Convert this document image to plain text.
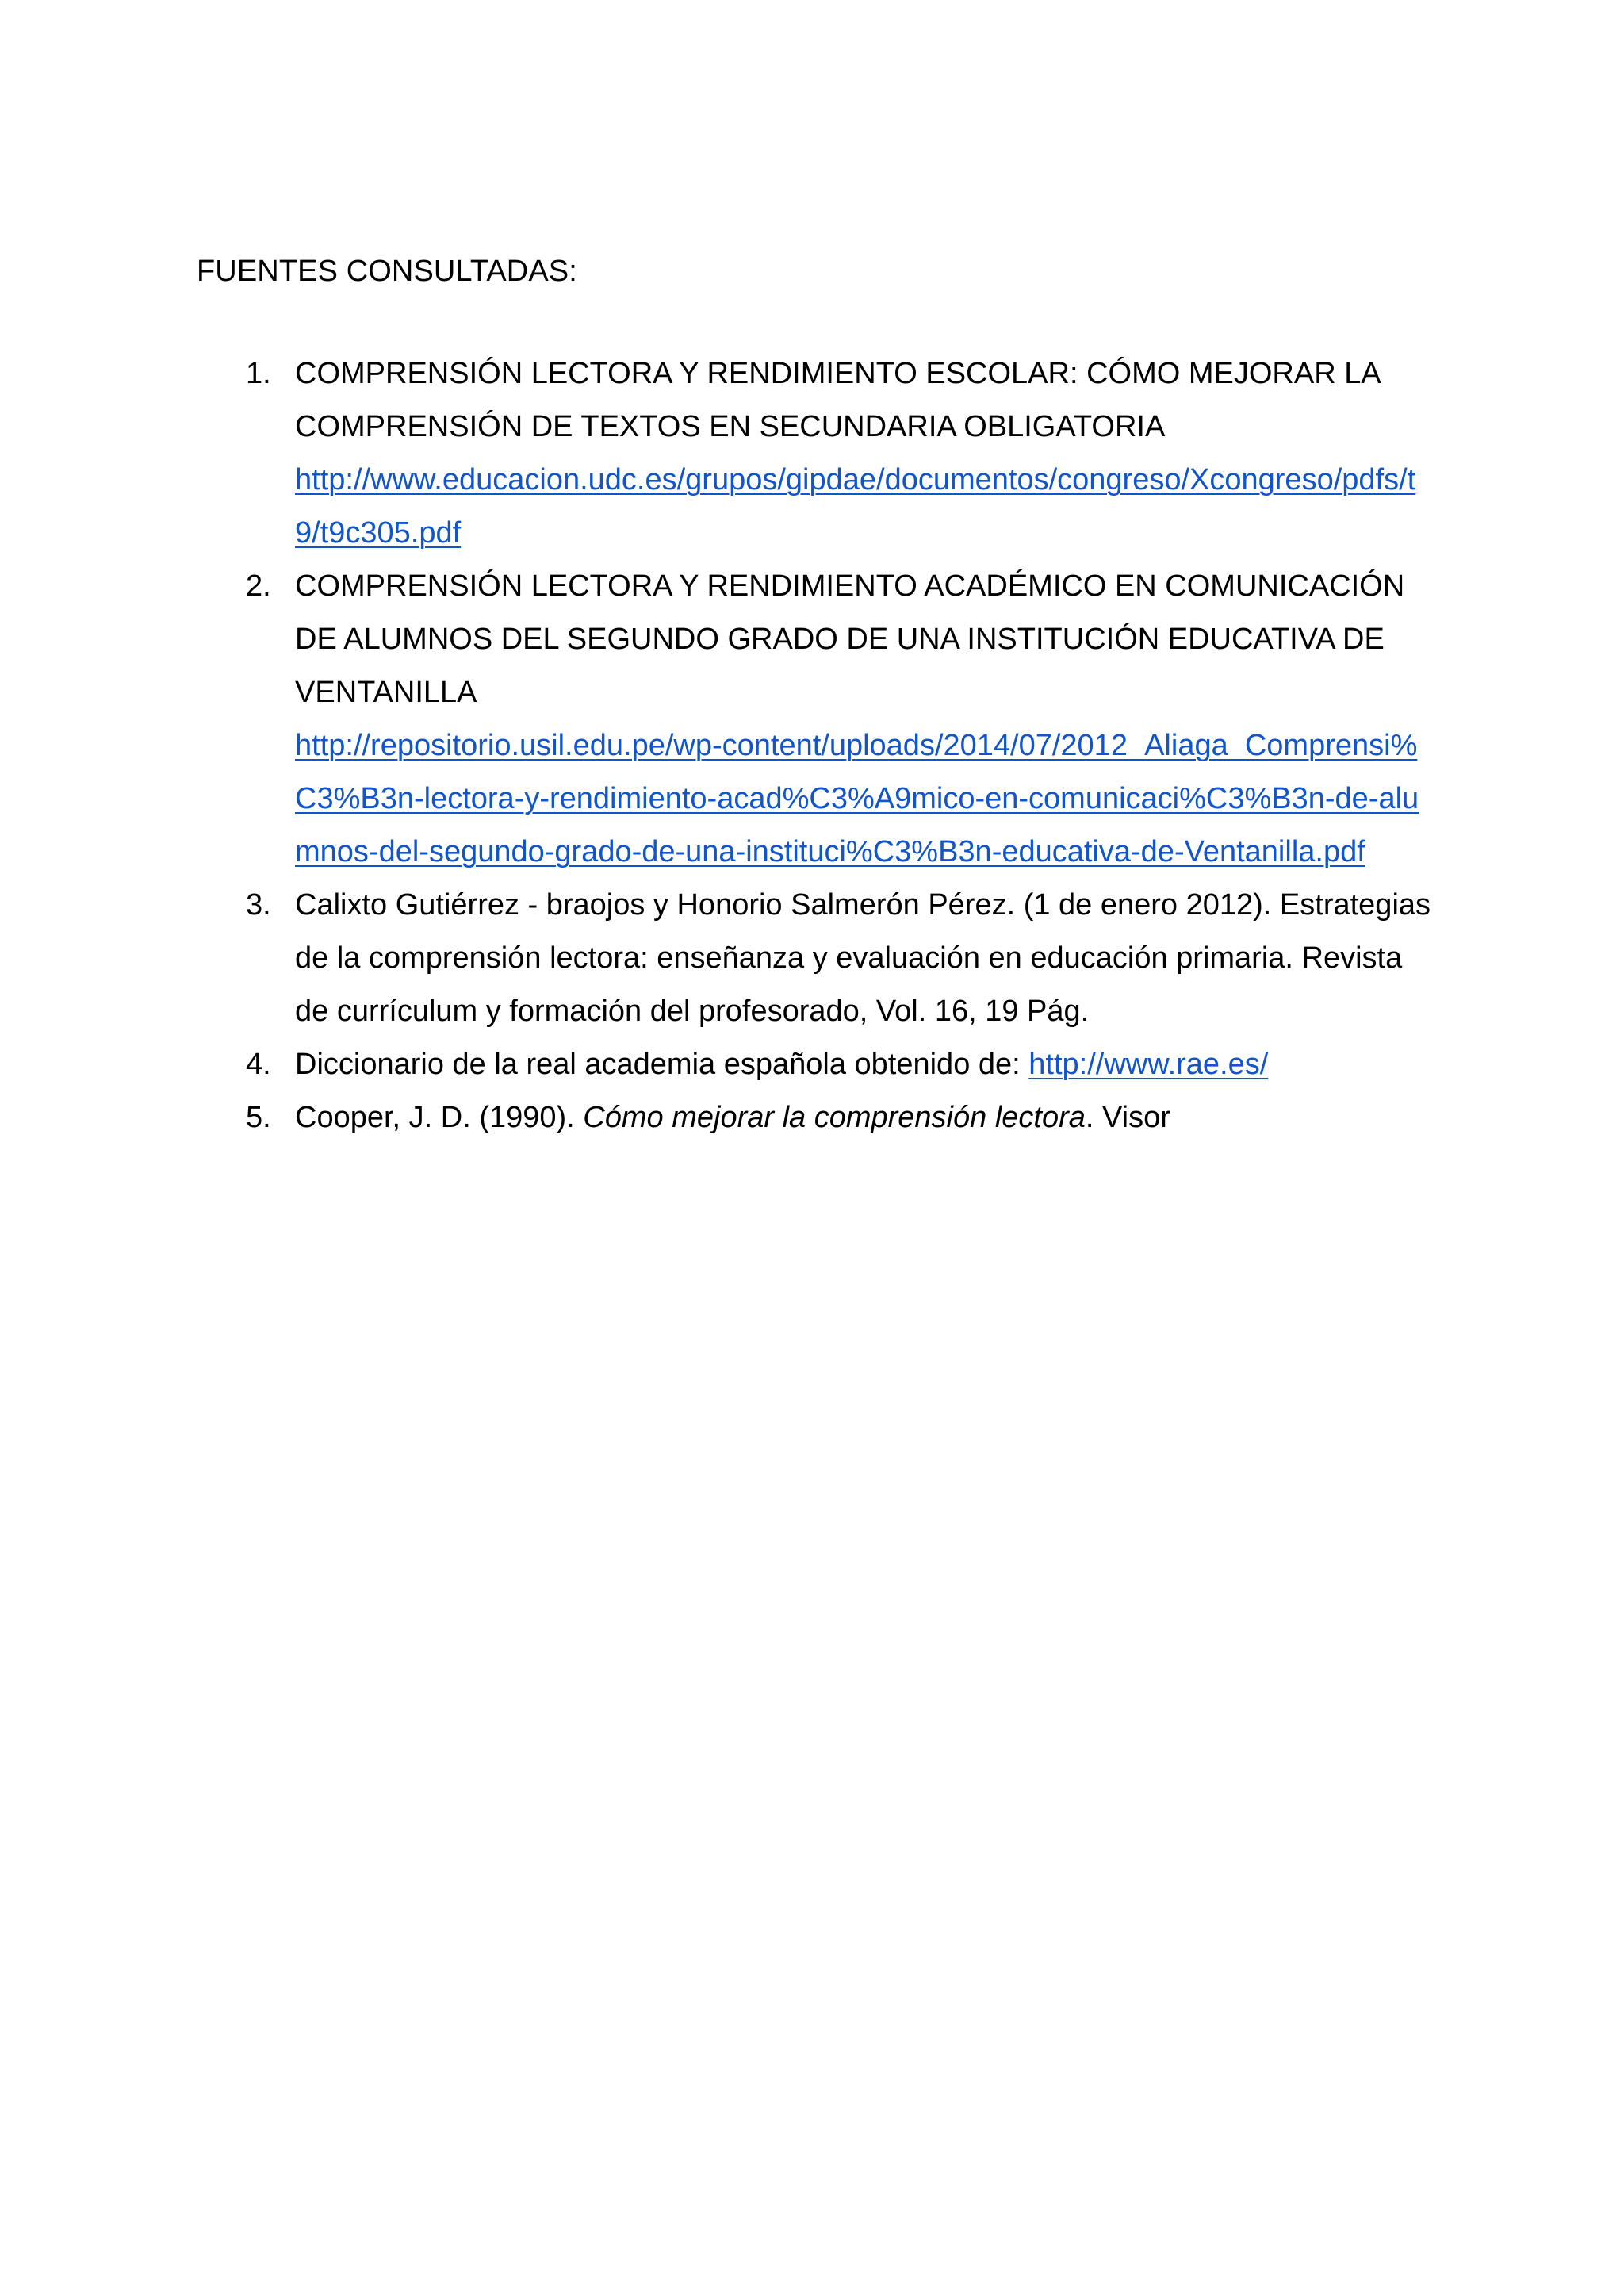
FUENTES CONSULTADAS:
1. COMPRENSIÓN LECTORA Y RENDIMIENTO ESCOLAR: CÓMO MEJORAR LA
COMPRENSIÓN DE TEXTOS EN SECUNDARIA OBLIGATORIA
http://www.educacion.udc.es/grupos/gipdae/documentos/congreso/Xcongreso/pdfs/t
9/t9c305.pdf
2. COMPRENSIÓN LECTORA Y RENDIMIENTO ACADÉMICO EN COMUNICACIÓN
DE ALUMNOS DEL SEGUNDO GRADO DE UNA INSTITUCIÓN EDUCATIVA DE
VENTANILLA
http://repositorio.usil.edu.pe/wp-content/uploads/2014/07/2012_Aliaga_Comprensi%
C3%B3n-lectora-y-rendimiento-acad%C3%A9mico-en-comunicaci%C3%B3n-de-alu
mnos-del-segundo-grado-de-una-instituci%C3%B3n-educativa-de-Ventanilla.pdf
3. Calixto Gutiérrez - braojos y Honorio Salmerón Pérez. (1 de enero 2012). Estrategias
de la comprensión lectora: enseñanza y evaluación en educación primaria. Revista
de currículum y formación del profesorado, Vol. 16, 19 Pág.
4. Diccionario de la real academia española obtenido de: http://www.rae.es/
5. Cooper, J. D. (1990). Cómo mejorar la comprensión lectora. Visor
